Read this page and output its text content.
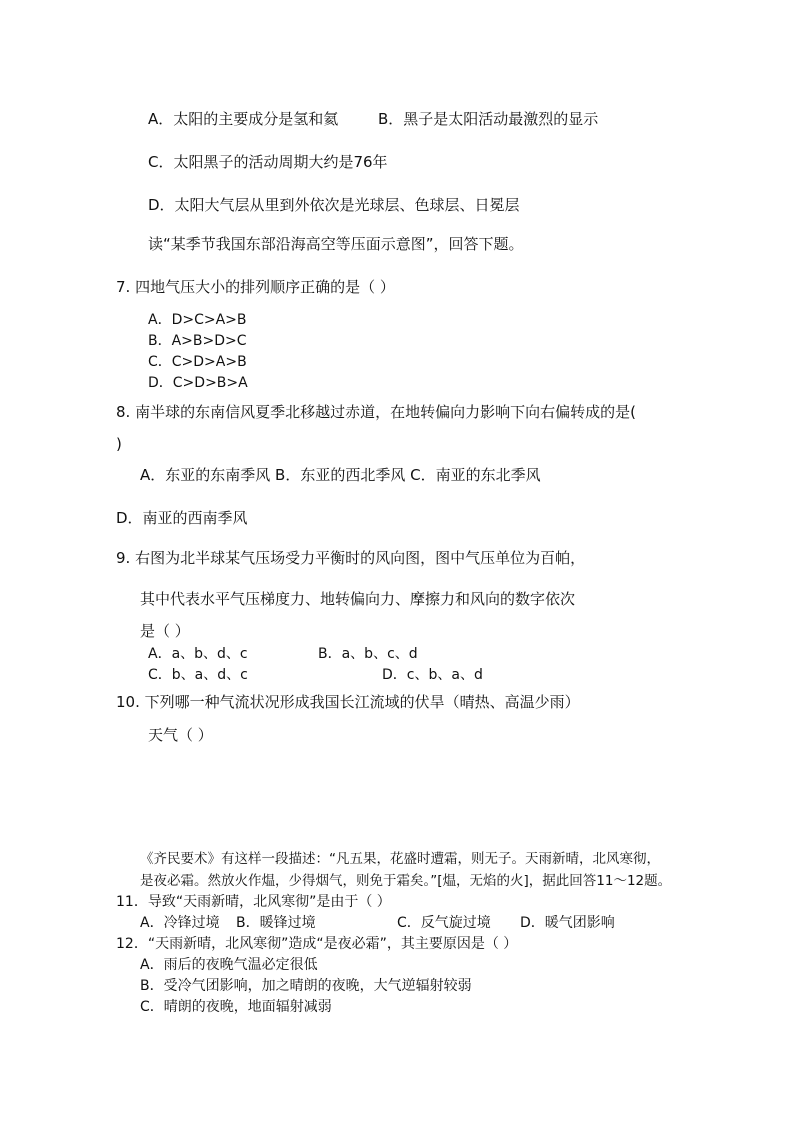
A．太阳的主要成分是氢和氦	B．黑子是太阳活动最激烈的显示
C．太阳黑子的活动周期大约是76年
D．太阳大气层从里到外依次是光球层、色球层、日冕层
读“某季节我国东部沿海高空等压面示意图”，回答下题。
7. 四地气压大小的排列顺序正确的是（ ）
A．D>C>A>B
B．A>B>D>C
C．C>D>A>B
D．C>D>B>A
8. 南半球的东南信风夏季北移越过赤道，在地转偏向力影响下向右偏转成的是(
)
A．东亚的东南季风 B．东亚的西北季风 C．南亚的东北季风
D．南亚的西南季风
9. 右图为北半球某气压场受力平衡时的风向图，图中气压单位为百帕，
其中代表水平气压梯度力、地转偏向力、摩擦力和风向的数字依次
是（ ）
A．a、b、d、c	B．a、b、c、d
C．b、a、d、c	D．c、b、a、d
10. 下列哪一种气流状况形成我国长江流域的伏旱（晴热、高温少雨）
天气（ ）
《齐民要术》有这样一段描述：“凡五果，花盛时遭霜，则无子。天雨新晴，北风寒彻，
是夜必霜。然放火作煴，少得烟气，则免于霜矣。”[煴，无焰的火]，据此回答11～12题。
11．导致“天雨新晴，北风寒彻”是由于（ ）
A．冷锋过境 B．暖锋过境	C．反气旋过境 D．暖气团影响
12．“天雨新晴，北风寒彻”造成“是夜必霜”，其主要原因是（ ）
A．雨后的夜晚气温必定很低
B．受冷气团影响，加之晴朗的夜晚，大气逆辐射较弱
C．晴朗的夜晚，地面辐射减弱
